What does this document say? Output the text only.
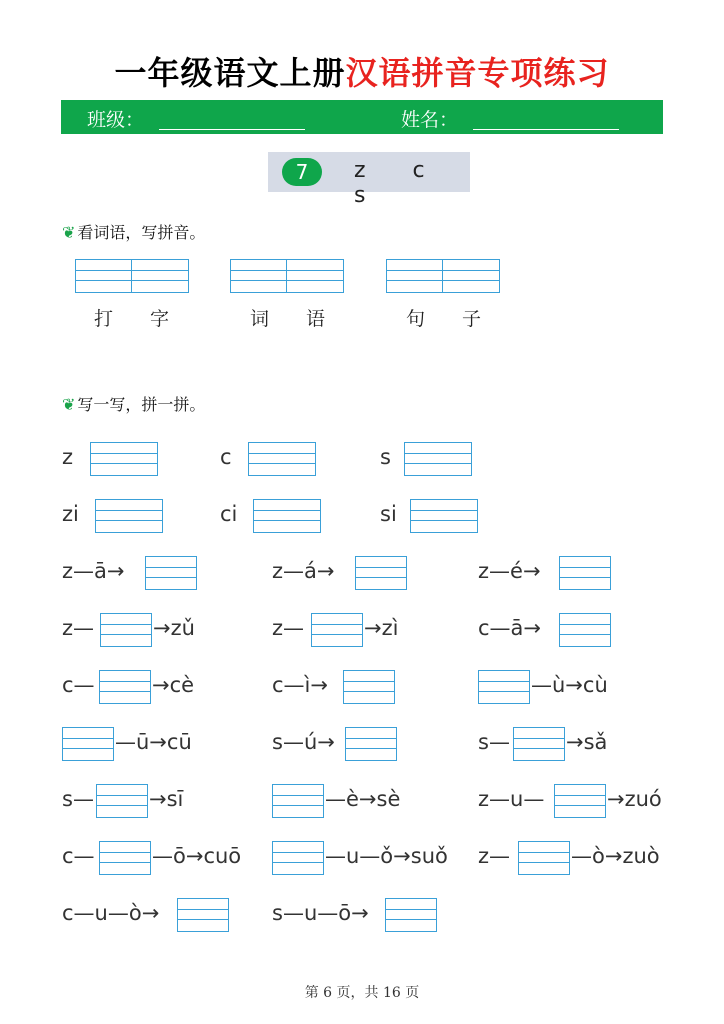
一年级语文上册汉语拼音专项练习
班级：	姓名：
7	z c s
❦ 看词语，写拼音。
打 字	词 语	句 子
❦ 写一写，拼一拼。
z	c	s
zi	ci	si
z—ā→	z—á→	z—é→
z—	→zǔ	z—	→zì	c—ā→
c—	→cè	c—ì→	—ù→cù
—ū→cū	s—ú→	s—	→sǎ
s—	→sī	—è→sè	z—u—	→zuó
c—	—ō→cuō	—u—ǒ→suǒ z—	—ò→zuò
c—u—ò→	s—u—ō→
第 6 页，共 16 页
